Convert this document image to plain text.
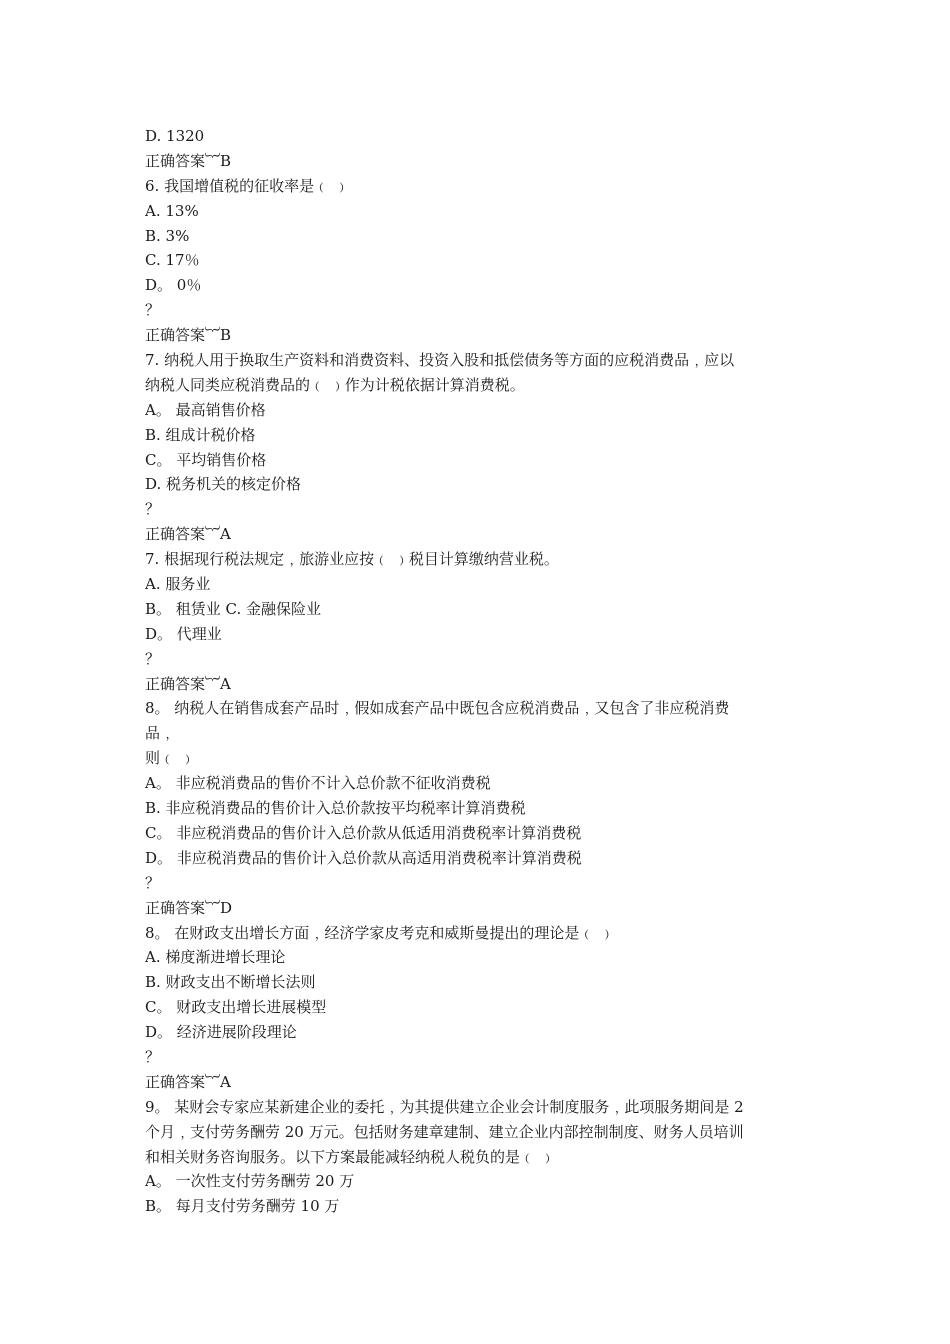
D. 1320
正确答案︸B
6. 我国增值税的征收率是﹙ ﹚
A. 13%
B. 3%
C. 17％
D。 0％
？
正确答案︸B
7. 纳税人用于换取生产资料和消费资料、投资入股和抵偿债务等方面的应税消费品﹐应以
纳税人同类应税消费品的﹙ ﹚作为计税依据计算消费税。
A。 最高销售价格
B. 组成计税价格
C。 平均销售价格
D. 税务机关的核定价格
？
正确答案︸A
7. 根据现行税法规定﹐旅游业应按﹙ ﹚税目计算缴纳营业税。
A. 服务业
B。 租赁业 C. 金融保险业
D。 代理业
？
正确答案︸A
8。 纳税人在销售成套产品时﹐假如成套产品中既包含应税消费品﹐又包含了非应税消费
品﹐
则﹙ ﹚
A。 非应税消费品的售价不计入总价款不征收消费税
B. 非应税消费品的售价计入总价款按平均税率计算消费税
C。 非应税消费品的售价计入总价款从低适用消费税率计算消费税
D。 非应税消费品的售价计入总价款从高适用消费税率计算消费税
？
正确答案︸D
8。 在财政支出增长方面﹐经济学家皮考克和威斯曼提出的理论是﹙ ﹚
A. 梯度渐进增长理论
B. 财政支出不断增长法则
C。 财政支出增长进展模型
D。 经济进展阶段理论
？
正确答案︸A
9。 某财会专家应某新建企业的委托﹐为其提供建立企业会计制度服务﹐此项服务期间是 2
个月﹐支付劳务酬劳 20 万元。包括财务建章建制、建立企业内部控制制度、财务人员培训
和相关财务咨询服务。以下方案最能减轻纳税人税负的是﹙ ﹚
A。 一次性支付劳务酬劳 20 万
B。 每月支付劳务酬劳 10 万
